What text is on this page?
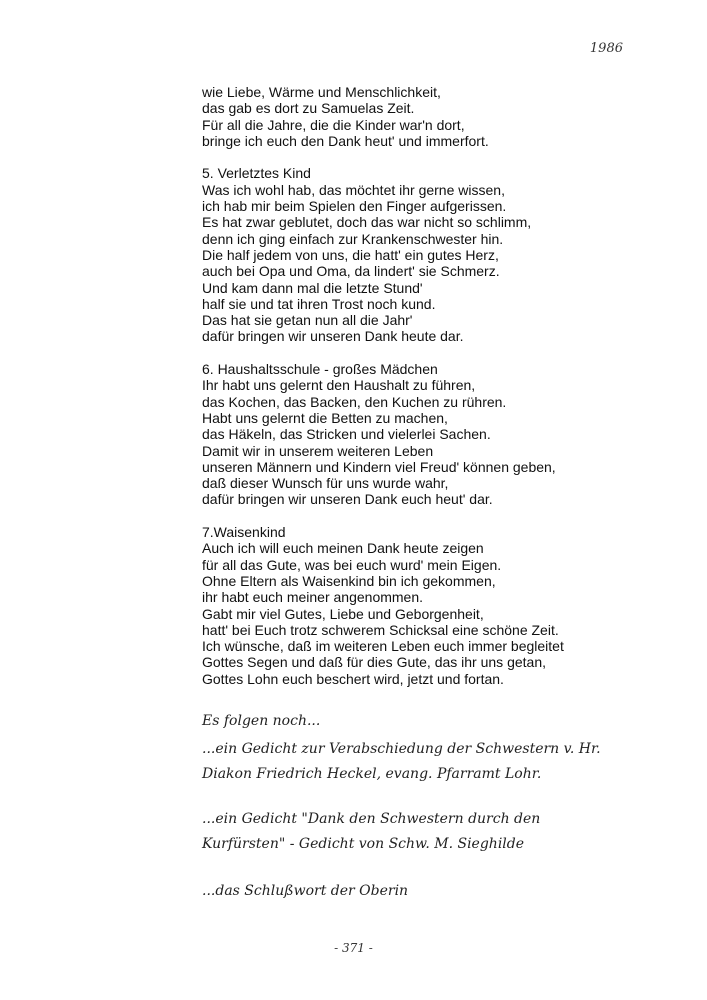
1986
wie Liebe, Wärme und Menschlichkeit,
das gab es dort zu Samuelas Zeit.
Für all die Jahre, die die Kinder war'n dort,
bringe ich euch den Dank heut' und immerfort.
5. Verletztes Kind
Was ich wohl hab, das möchtet ihr gerne wissen,
ich hab mir beim Spielen den Finger aufgerissen.
Es hat zwar geblutet, doch das war nicht so schlimm,
denn ich ging einfach zur Krankenschwester hin.
Die half jedem von uns, die hatt' ein gutes Herz,
auch bei Opa und Oma, da lindert' sie Schmerz.
Und kam dann mal die letzte Stund'
half sie und tat ihren Trost noch kund.
Das hat sie getan nun all die Jahr'
dafür bringen wir unseren Dank heute dar.
6. Haushaltsschule - großes Mädchen
Ihr habt uns gelernt den Haushalt zu führen,
das Kochen, das Backen, den Kuchen zu rühren.
Habt uns gelernt die Betten zu machen,
das Häkeln, das Stricken und vielerlei Sachen.
Damit wir in unserem weiteren Leben
unseren Männern und Kindern viel Freud' können geben,
daß dieser Wunsch für uns wurde wahr,
dafür bringen wir unseren Dank euch heut' dar.
7.Waisenkind
Auch ich will euch meinen Dank heute zeigen
für all das Gute, was bei euch wurd' mein Eigen.
Ohne Eltern als Waisenkind bin ich gekommen,
ihr habt euch meiner angenommen.
Gabt mir viel Gutes, Liebe und Geborgenheit,
hatt' bei Euch trotz schwerem Schicksal eine schöne Zeit.
Ich wünsche, daß im weiteren Leben euch immer begleitet
Gottes Segen und daß für dies Gute, das ihr uns getan,
Gottes Lohn euch beschert wird, jetzt und fortan.
Es folgen noch...
...ein Gedicht zur Verabschiedung der Schwestern v. Hr.
Diakon Friedrich Heckel, evang. Pfarramt Lohr.
...ein Gedicht "Dank den Schwestern durch den
Kurfürsten" - Gedicht von Schw. M. Sieghilde
...das Schlußwort der Oberin
- 371 -
